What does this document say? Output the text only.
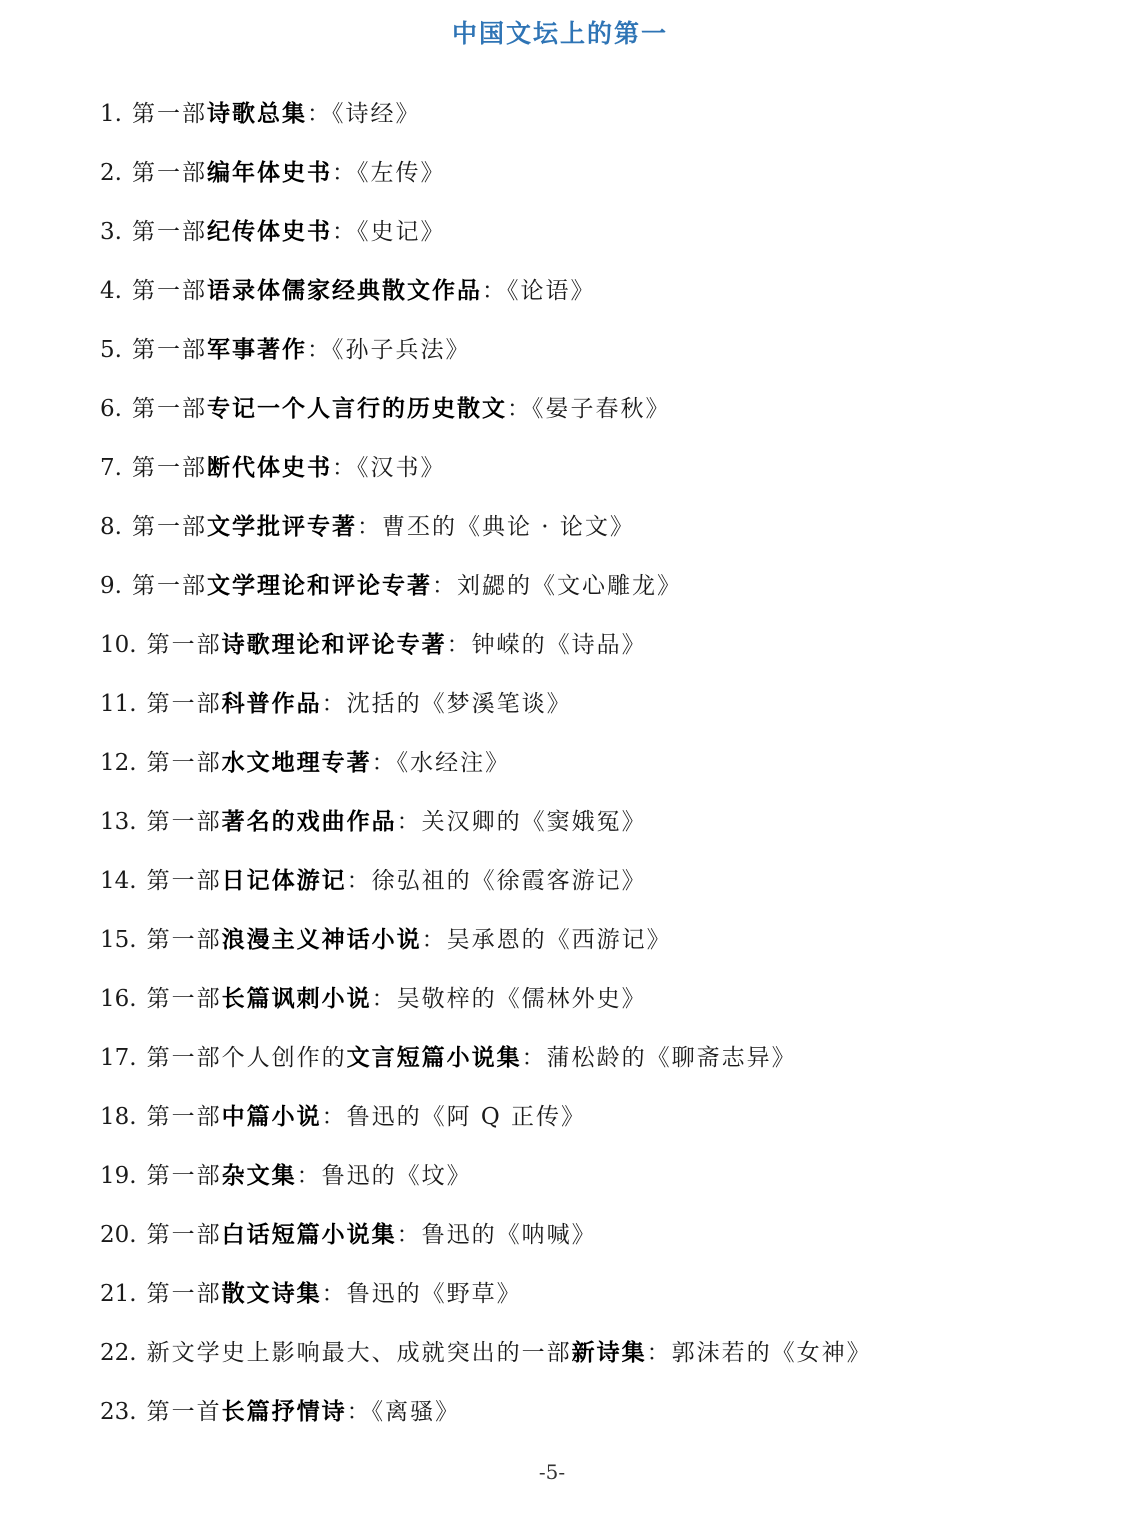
中国文坛上的第一
1. 第一部诗歌总集：《诗经》
2. 第一部编年体史书：《左传》
3. 第一部纪传体史书：《史记》
4. 第一部语录体儒家经典散文作品：《论语》
5. 第一部军事著作：《孙子兵法》
6. 第一部专记一个人言行的历史散文：《晏子春秋》
7. 第一部断代体史书：《汉书》
8. 第一部文学批评专著：曹丕的《典论 · 论文》
9. 第一部文学理论和评论专著：刘勰的《文心雕龙》
10. 第一部诗歌理论和评论专著：钟嵘的《诗品》
11. 第一部科普作品：沈括的《梦溪笔谈》
12. 第一部水文地理专著：《水经注》
13. 第一部著名的戏曲作品：关汉卿的《窦娥冤》
14. 第一部日记体游记：徐弘祖的《徐霞客游记》
15. 第一部浪漫主义神话小说：吴承恩的《西游记》
16. 第一部长篇讽刺小说：吴敬梓的《儒林外史》
17. 第一部个人创作的文言短篇小说集：蒲松龄的《聊斋志异》
18. 第一部中篇小说：鲁迅的《阿 Q 正传》
19. 第一部杂文集：鲁迅的《坟》
20. 第一部白话短篇小说集：鲁迅的《呐喊》
21. 第一部散文诗集：鲁迅的《野草》
22. 新文学史上影响最大、成就突出的一部新诗集：郭沫若的《女神》
23. 第一首长篇抒情诗：《离骚》
-5-
